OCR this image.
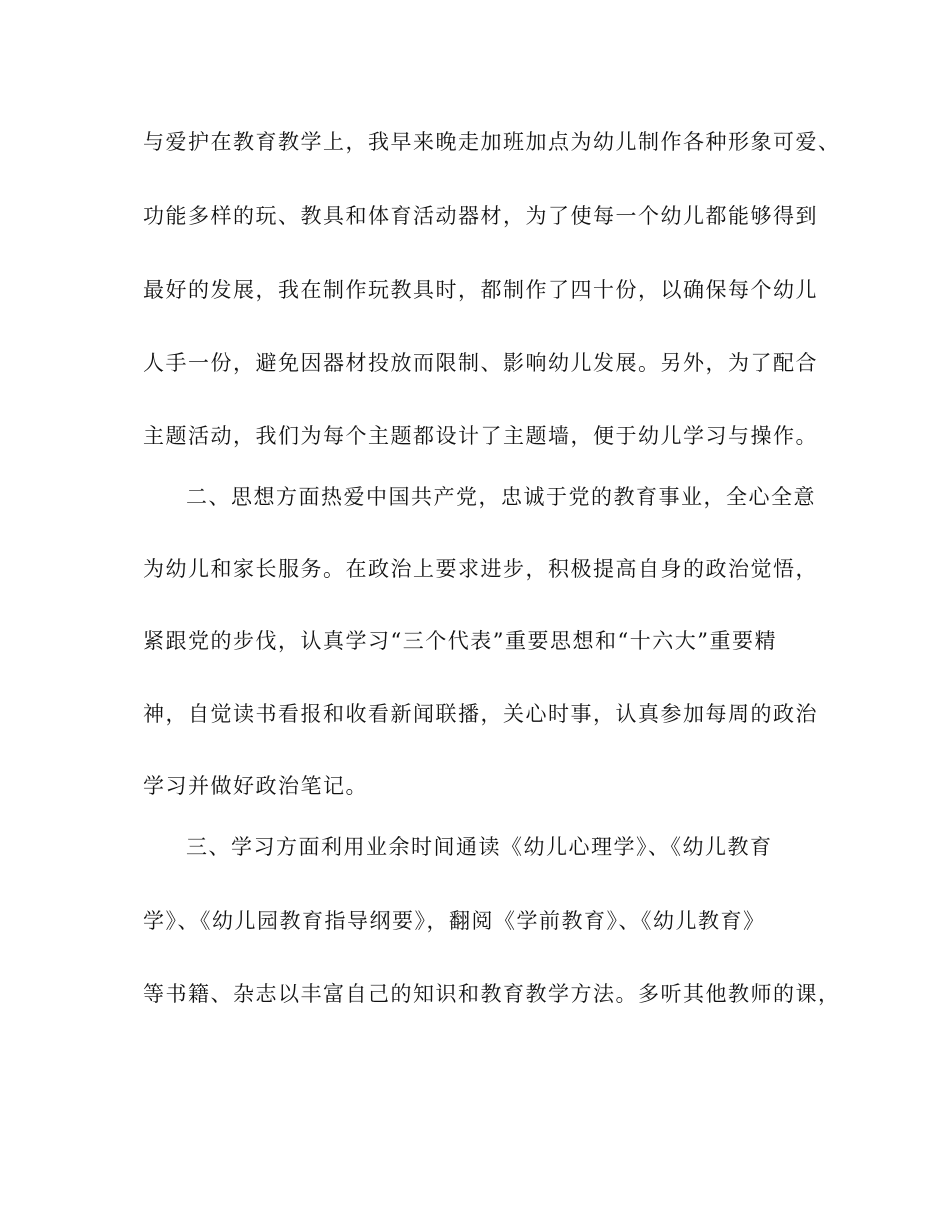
与爱护在教育教学上，我早来晚走加班加点为幼儿制作各种形象可爱、
功能多样的玩、教具和体育活动器材，为了使每一个幼儿都能够得到
最好的发展，我在制作玩教具时，都制作了四十份，以确保每个幼儿
人手一份，避免因器材投放而限制、影响幼儿发展。另外，为了配合
主题活动，我们为每个主题都设计了主题墙，便于幼儿学习与操作。
二、思想方面热爱中国共产党，忠诚于党的教育事业，全心全意
为幼儿和家长服务。在政治上要求进步，积极提高自身的政治觉悟，
紧跟党的步伐，认真学习“三个代表”重要思想和“十六大”重要精
神，自觉读书看报和收看新闻联播，关心时事，认真参加每周的政治
学习并做好政治笔记。
三、学习方面利用业余时间通读《幼儿心理学》、《幼儿教育
学》、《幼儿园教育指导纲要》，翻阅《学前教育》、《幼儿教育》
等书籍、杂志以丰富自己的知识和教育教学方法。多听其他教师的课，
